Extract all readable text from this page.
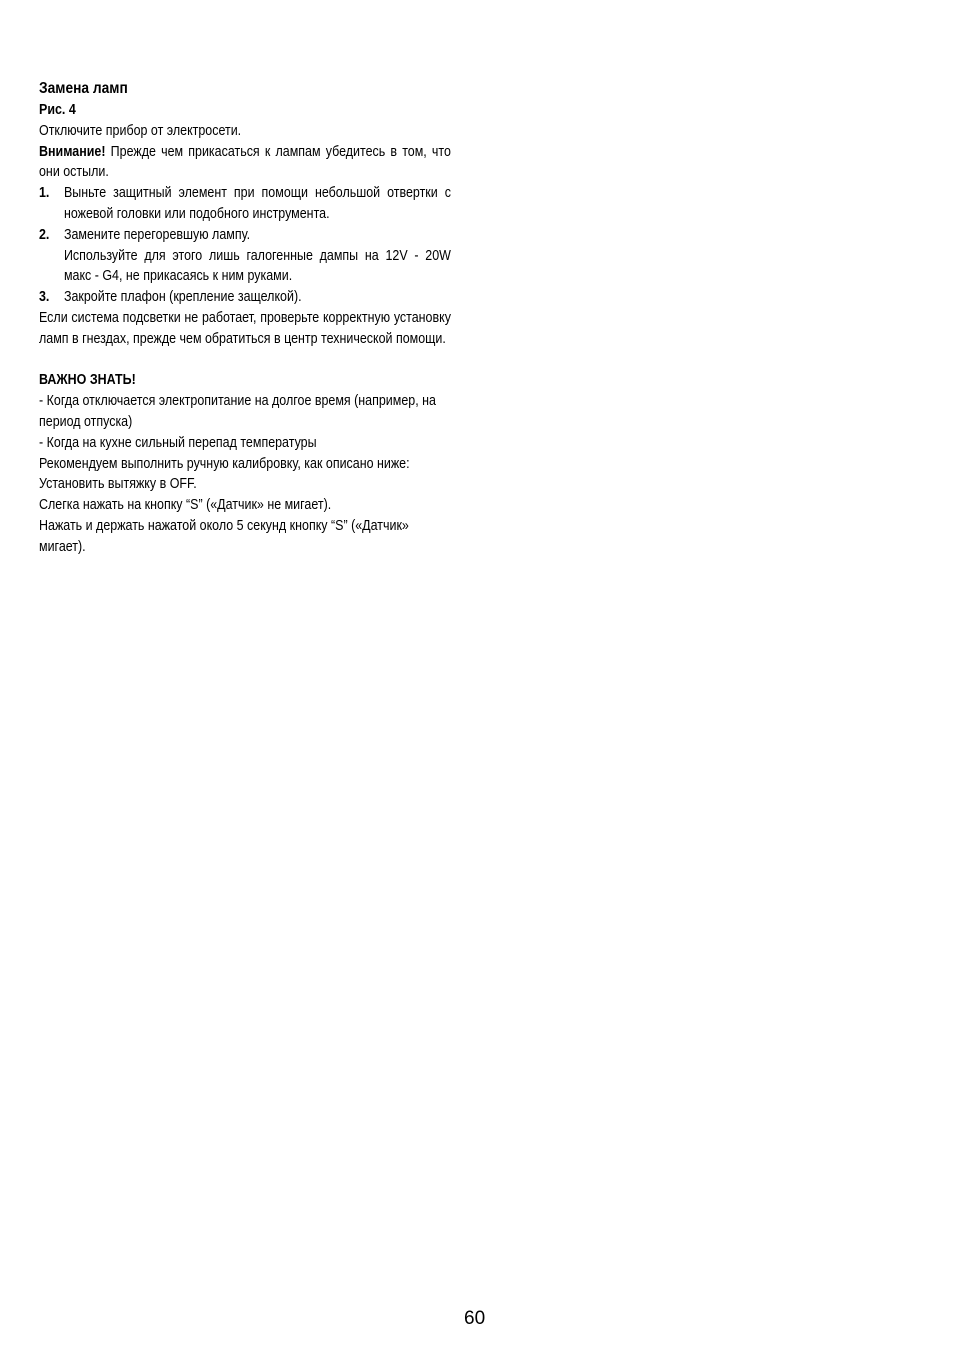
Замена ламп
Рис. 4

Отключите прибор от электросети.

Внимание! Прежде чем прикасаться к лампам убедитесь в том, что они остыли.

1.	Выньте защитный элемент при помощи небольшой отвертки с ножевой головки или подобного инструмента.
2.	Замените перегоревшую лампу.
Используйте для этого лишь галогенные дампы на 12V - 20W макс - G4, не прикасаясь к ним руками.
3.	Закройте плафон (крепление защелкой).

Если система подсветки не работает, проверьте корректную установку ламп в гнездах, прежде чем обратиться в центр технической помощи.

ВАЖНО ЗНАТЬ!

- Когда отключается электропитание на долгое время (например, на период отпуска)

- Когда на кухне сильный перепад температуры

Рекомендуем выполнить ручную калибровку, как описано ниже:

Установить вытяжку в OFF.

Слегка нажать на кнопку “S” («Датчик» не мигает).

Нажать и держать нажатой около 5 секунд кнопку “S” («Датчик» мигает).

60
